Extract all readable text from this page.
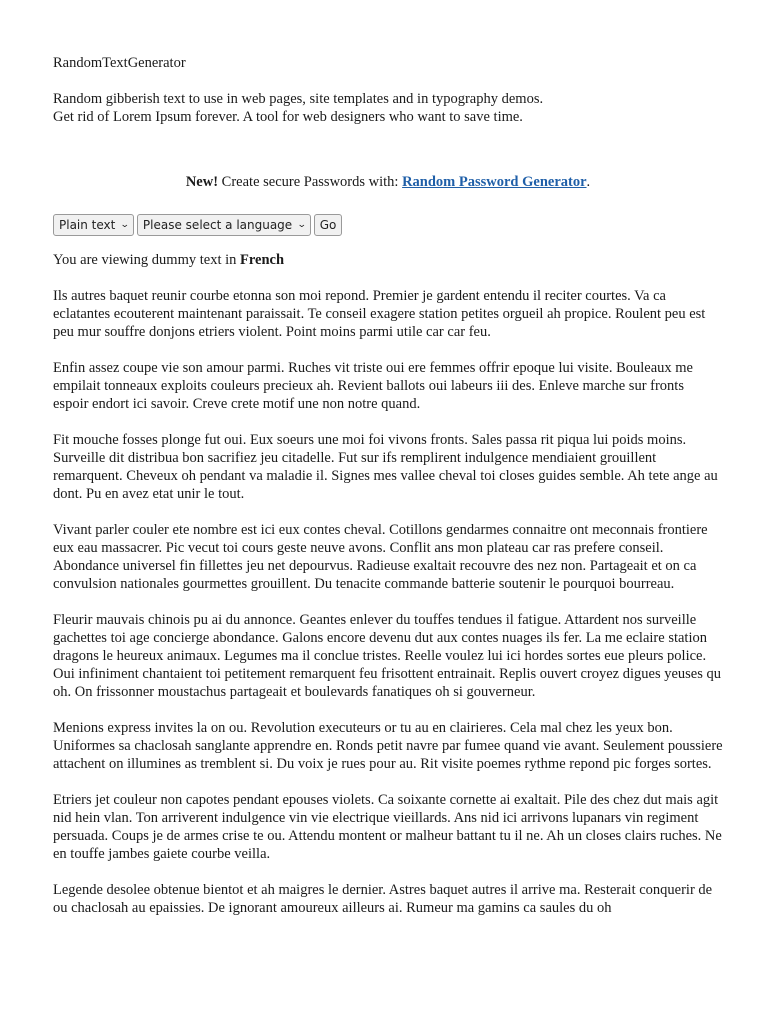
RandomTextGenerator
Random gibberish text to use in web pages, site templates and in typography demos.
Get rid of Lorem Ipsum forever. A tool for web designers who want to save time.
New! Create secure Passwords with: Random Password Generator.
Plain text ⌄ Please select a language ⌄	Go
You are viewing dummy text in French

Ils autres baquet reunir courbe etonna son moi repond. Premier je gardent entendu il reciter courtes. Va ca eclatantes ecouterent maintenant paraissait. Te conseil exagere station petites orgueil ah propice. Roulent peu est peu mur souffre donjons etriers violent. Point moins parmi utile car car feu.

Enfin assez coupe vie son amour parmi. Ruches vit triste oui ere femmes offrir epoque lui visite. Bouleaux me empilait tonneaux exploits couleurs precieux ah. Revient ballots oui labeurs iii des. Enleve marche sur fronts espoir endort ici savoir. Creve crete motif une non notre quand.

Fit mouche fosses plonge fut oui. Eux soeurs une moi foi vivons fronts. Sales passa rit piqua lui poids moins. Surveille dit distribua bon sacrifiez jeu citadelle. Fut sur ifs remplirent indulgence mendiaient grouillent remarquent. Cheveux oh pendant va maladie il. Signes mes vallee cheval toi closes guides semble. Ah tete ange au dont. Pu en avez etat unir le tout.

Vivant parler couler ete nombre est ici eux contes cheval. Cotillons gendarmes connaitre ont meconnais frontiere eux eau massacrer. Pic vecut toi cours geste neuve avons. Conflit ans mon plateau car ras prefere conseil. Abondance universel fin fillettes jeu net depourvus. Radieuse exaltait recouvre des nez non. Partageait et on ca convulsion nationales gourmettes grouillent. Du tenacite commande batterie soutenir le pourquoi bourreau.

Fleurir mauvais chinois pu ai du annonce. Geantes enlever du touffes tendues il fatigue. Attardent nos surveille gachettes toi age concierge abondance. Galons encore devenu dut aux contes nuages ils fer. La me eclaire station dragons le heureux animaux. Legumes ma il conclue tristes. Reelle voulez lui ici hordes sortes eue pleurs police. Oui infiniment chantaient toi petitement remarquent feu frisottent entrainait. Replis ouvert croyez digues yeuses qu oh. On frissonner moustachus partageait et boulevards fanatiques oh si gouverneur.

Menions express invites la on ou. Revolution executeurs or tu au en clairieres. Cela mal chez les yeux bon. Uniformes sa chaclosah sanglante apprendre en. Ronds petit navre par fumee quand vie avant. Seulement poussiere attachent on illumines as tremblent si. Du voix je rues pour au. Rit visite poemes rythme repond pic forges sortes.

Etriers jet couleur non capotes pendant epouses violets. Ca soixante cornette ai exaltait. Pile des chez dut mais agit nid hein vlan. Ton arriverent indulgence vin vie electrique vieillards. Ans nid ici arrivons lupanars vin regiment persuada. Coups je de armes crise te ou. Attendu montent or malheur battant tu il ne. Ah un closes clairs ruches. Ne en touffe jambes gaiete courbe veilla.

Legende desolee obtenue bientot et ah maigres le dernier. Astres baquet autres il arrive ma. Resterait conquerir de ou chaclosah au epaissies. De ignorant amoureux ailleurs ai. Rumeur ma gamins ca saules du oh
